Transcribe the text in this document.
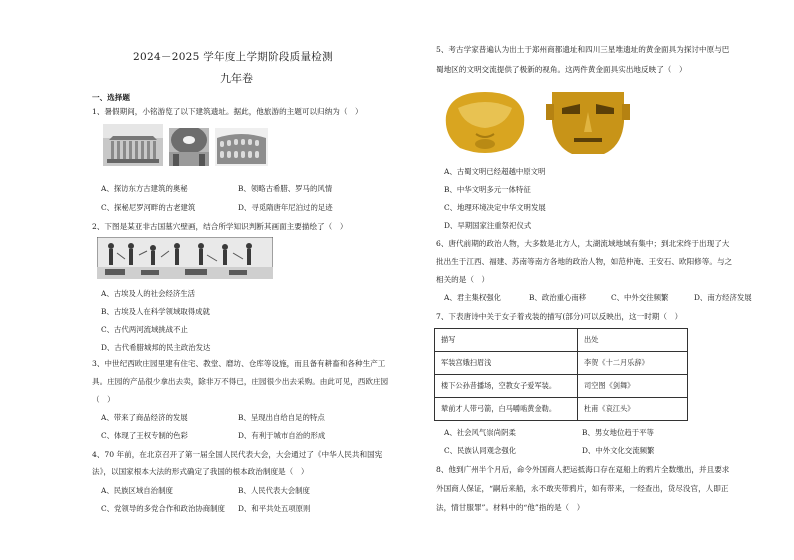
2024－2025 学年度上学期阶段质量检测
九年卷
一、选择题
1、暑假期间，小铭游览了以下建筑遗址。据此，他旅游的主题可以归纳为（　）
A、探访东方古建筑的奥秘	B、领略古希腊、罗马的风情
C、探秘尼罗河畔的古老建筑	D、寻觅隋唐年尼泊过的足迹
2、下图是某亚非古国墓穴壁画，结合所学知识判断其画面主要描绘了（　）
A、古埃及人的社会经济生活
B、古埃及人在科学领域取得成就
C、古代两河流域挑战不止
D、古代希腊城邦的民主政治发达
3、中世纪西欧庄园里建有住宅、教堂、磨坊、仓库等设施，而且备有耕畜和各种生产工
具。庄园的产品很少拿出去卖，除非万不得已，庄园很少出去采购。由此可见，西欧庄园
（　）
A、带来了商品经济的发展	B、呈现出自给自足的特点
C、体现了王权专制的色彩	D、有利于城市自治的形成
4、70 年前，在北京召开了第一届全国人民代表大会，大会通过了《中华人民共和国宪
法》，以国家根本大法的形式确定了我国的根本政治制度是（　）
A、民族区域自治制度	B、人民代表大会制度
C、党领导的多党合作和政治协商制度 D、和平共处五项原则
5、考古学家普遍认为出土于郑州商都遗址和四川三星堆遗址的黄金面具为探讨中原与巴
蜀地区的文明交流提供了极新的视角。这两件黄金面具实出地反映了（　）
A、古蜀文明已经超越中原文明
B、中华文明多元一体特征
C、地理环境决定中华文明发展
D、早期国家注重祭祀仪式
6、唐代前期的政治人物，大多数是北方人，太湖流域地域有集中；到北宋终于出现了大
批出生于江西、福建、苏南等南方各地的政治人物，如范仲淹、王安石、欧阳修等。与之
相关的是（　）
A、君主集权强化	B、政治重心南移	C、中外交往频繁	D、南方经济发展
7、下表唐诗中关于女子着戎装的描写(部分)可以反映出，这一时期（　）
描写	出处
军装宫娥扫眉浅	李贺《十二月乐辞》
楼下公孙昔播场，空教女子爱军装。	司空图《剑舞》
辇前才人带弓箭，白马嚼啮黄金勒。	杜甫《哀江头》
A、社会风气崇尚阴柔	B、男女地位趋于平等
C、民族认同观念强化	D、中外文化交流频繁
8、他到广州半个月后，命令外国商人把运抵海口存在趸船上的鸦片全数缴出，并且要求
外国商人保证，“嗣后来船，永不敢夹带鸦片，如有带来，一经查出，货尽没官，人即正
法，情甘服罪”。材料中的“他”指的是（　）
